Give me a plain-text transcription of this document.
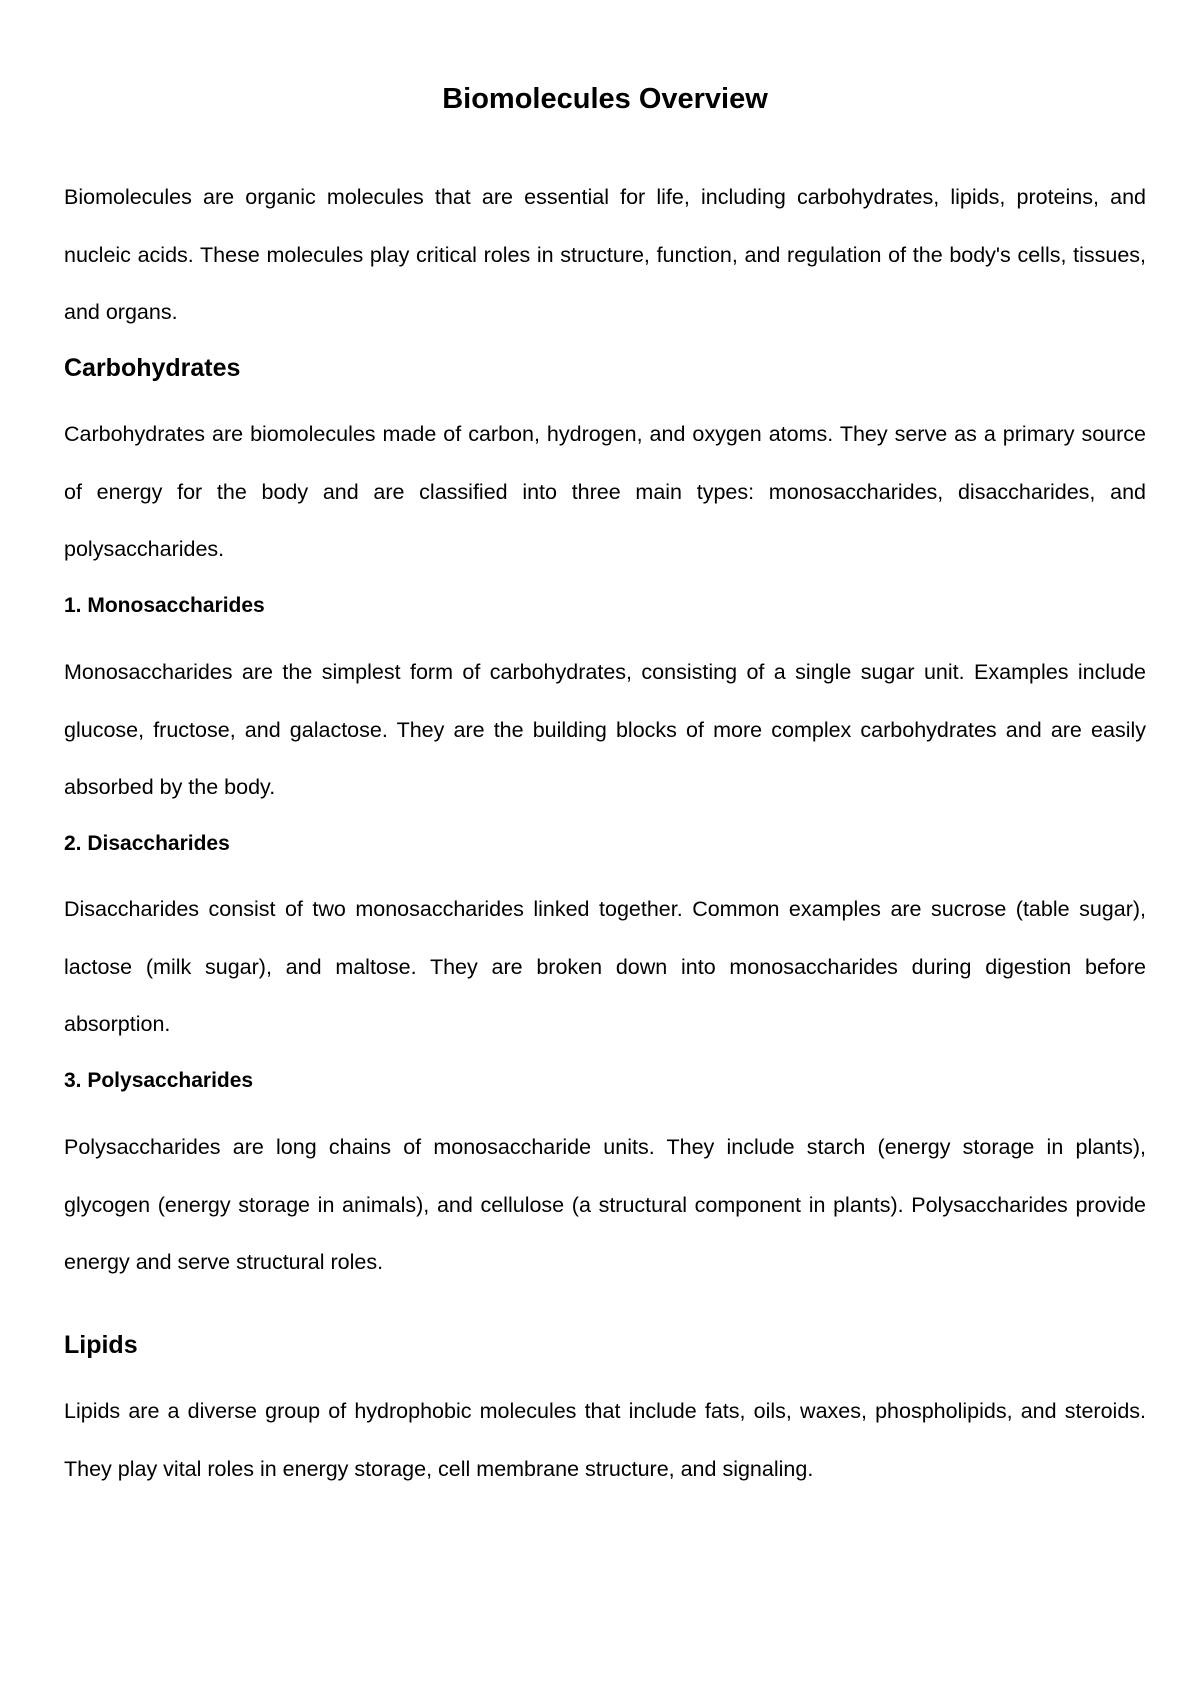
Biomolecules Overview

Biomolecules are organic molecules that are essential for life, including carbohydrates, lipids, proteins, and nucleic acids. These molecules play critical roles in structure, function, and regulation of the body's cells, tissues, and organs.

Carbohydrates

Carbohydrates are biomolecules made of carbon, hydrogen, and oxygen atoms. They serve as a primary source of energy for the body and are classified into three main types: monosaccharides, disaccharides, and polysaccharides.

1. Monosaccharides

Monosaccharides are the simplest form of carbohydrates, consisting of a single sugar unit. Examples include glucose, fructose, and galactose. They are the building blocks of more complex carbohydrates and are easily absorbed by the body.

2. Disaccharides

Disaccharides consist of two monosaccharides linked together. Common examples are sucrose (table sugar), lactose (milk sugar), and maltose. They are broken down into monosaccharides during digestion before absorption.

3. Polysaccharides

Polysaccharides are long chains of monosaccharide units. They include starch (energy storage in plants), glycogen (energy storage in animals), and cellulose (a structural component in plants). Polysaccharides provide energy and serve structural roles.

Lipids

Lipids are a diverse group of hydrophobic molecules that include fats, oils, waxes, phospholipids, and steroids. They play vital roles in energy storage, cell membrane structure, and signaling.
